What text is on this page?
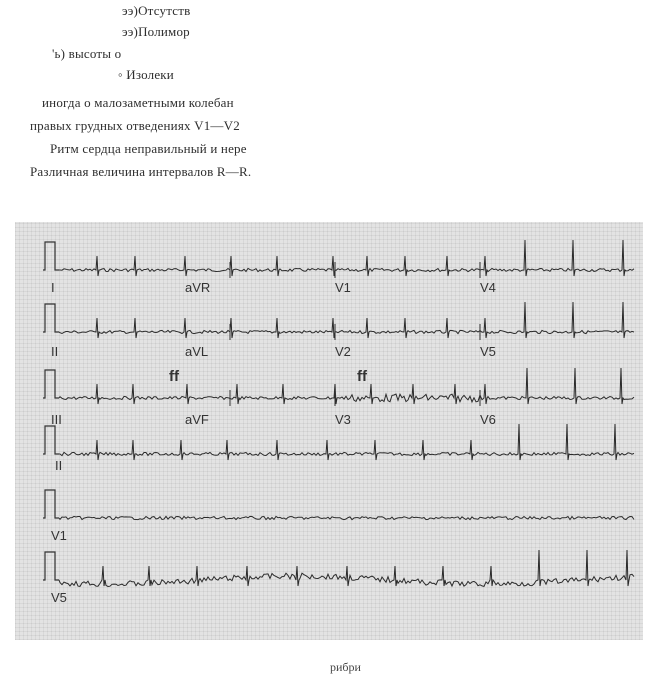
ээ)Отсутств
ээ)Полимор
'ь) высоты о
◦ Изолеки
иногда о малозаметными колебан
правых грудных отведениях V1—V2
Ритм сердца неправильный и нере
Различная величина интервалов R—R.
I	aVR	V1	V4
II	aVL	V2	V5
ff	ff
III	aVF	V3	V6
II
V1
V5
рибри
